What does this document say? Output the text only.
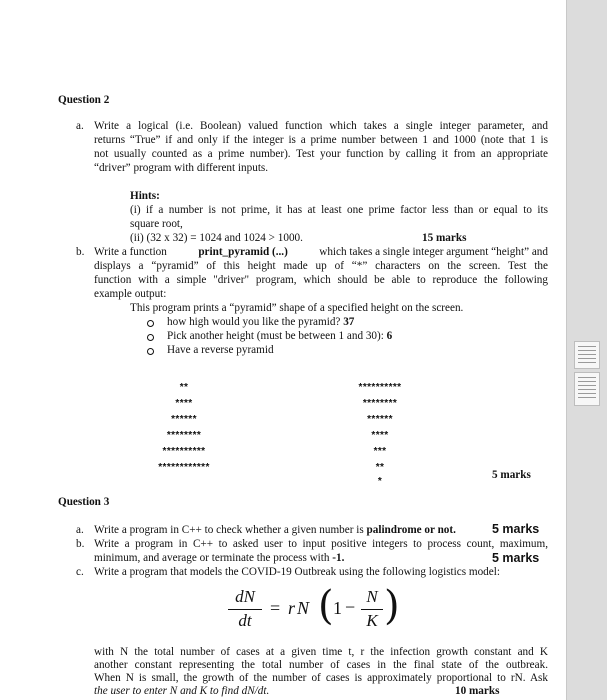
Question 2
a. Write a logical (i.e. Boolean) valued function which takes a single integer parameter, and
returns “True” if and only if the integer is a prime number between 1 and 1000 (note that 1 is
not usually counted as a prime number). Test your function by calling it from an appropriate
“driver” program with different inputs.
Hints:
(i) if a number is not prime, it has at least one prime factor less than or equal to its
square root,
(ii) (32 x 32) = 1024 and 1024 > 1000.	15 marks
b. Write a function	print_pyramid (...)	which takes a single integer argument “height” and
displays a “pyramid” of this height made up of “*” characters on the screen. Test the
function with a simple "driver" program, which should be able to reproduce the following
example output:
This program prints a “pyramid” shape of a specified height on the screen.
how high would you like the pyramid? 37
Pick another height (must be between 1 and 30): 6
Have a reverse pyramid
**
****
******
********
**********
************
**********
********
******
****
***
**
*
5 marks
Question 3
a. Write a program in C++ to check whether a given number is palindrome or not.	5 marks
b. Write a program in C++ to asked user to input positive integers to process count, maximum,
minimum, and average or terminate the process with -1.	5 marks
c. Write a program that models the COVID-19 Outbreak using the following logistics model:
dN
dt
= r N ( 1 −
N
K )
with N the total number of cases at a given time t, r the infection growth constant and K
another constant representing the total number of cases in the final state of the outbreak.
When N is small, the growth of the number of cases is approximately proportional to rN. Ask
the user to enter N and K to find dN/dt.	10 marks
